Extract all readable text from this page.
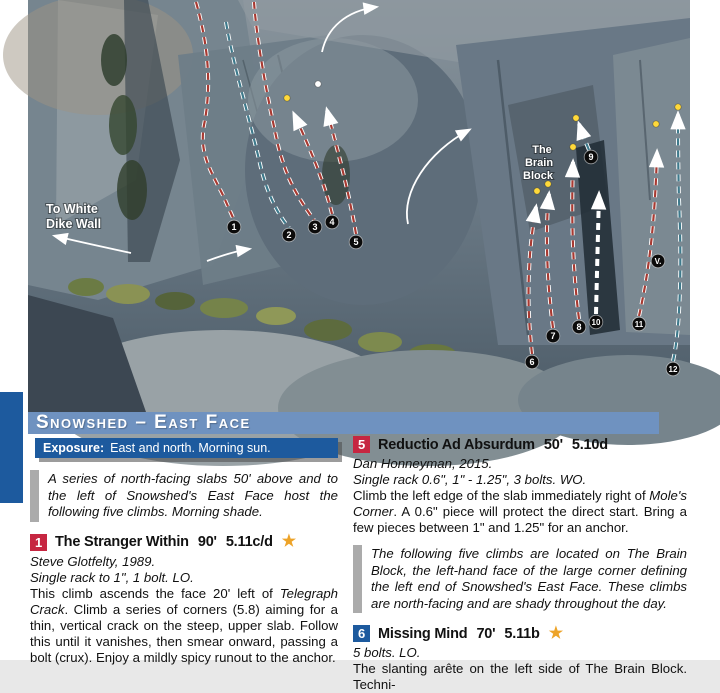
1
2
3 4
5
6
7
8
9
10	11
12
V.
To White
Dike Wall
The
Brain
Block
Snowshed – East Face
Exposure: East and north. Morning sun.

A series of north-facing slabs 50' above and to the left of Snowshed's East Face host the following five climbs. Morning shade.

1 The Stranger Within 90' 5.11c/d ★
Steve Glotfelty, 1989.
Single rack to 1", 1 bolt. LO.

This climb ascends the face 20' left of Telegraph Crack. Climb a series of corners (5.8) aiming for a thin, vertical crack on the steep, upper slab. Follow this until it vanishes, then smear onward, passing a bolt (crux). Enjoy a mildly spicy runout to the anchor.

5 Reductio Ad Absurdum 50' 5.10d
Dan Honneyman, 2015.
Single rack 0.6", 1" - 1.25", 3 bolts. WO.

Climb the left edge of the slab immediately right of Mole's Corner. A 0.6" piece will protect the direct start. Bring a few pieces between 1" and 1.25" for an anchor.

The following five climbs are located on The Brain Block, the left-hand face of the large corner defining the left end of Snowshed's East Face. These climbs are north-facing and are shady throughout the day.

6 Missing Mind 70' 5.11b ★
5 bolts. LO.

The slanting arête on the left side of The Brain Block. Techni-
